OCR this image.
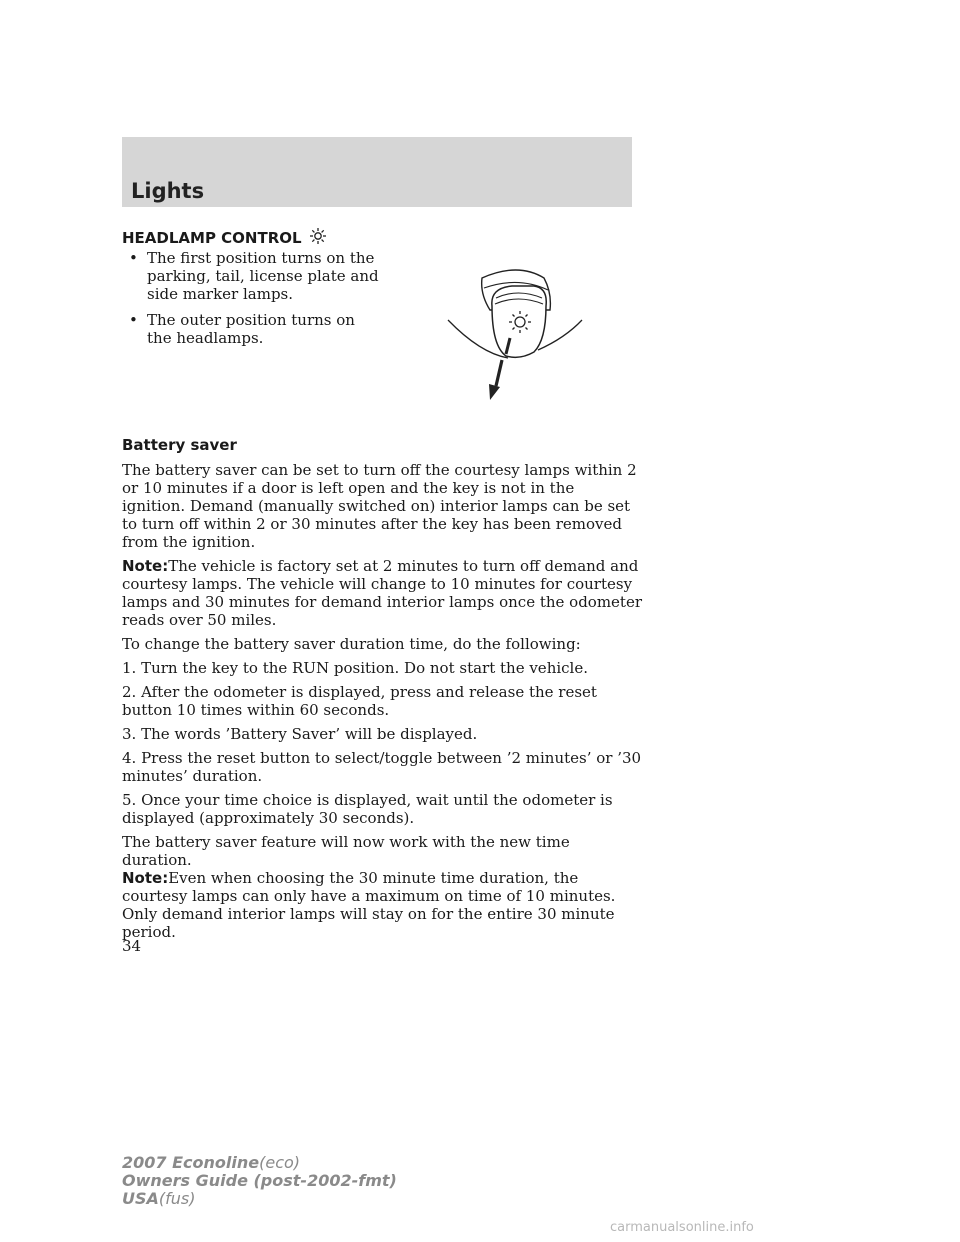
Lights
HEADLAMP CONTROL
• The first position turns on the parking, tail, license plate and side marker lamps.
• The outer position turns on the headlamps.

Battery saver

The battery saver can be set to turn off the courtesy lamps within 2 or 10 minutes if a door is left open and the key is not in the ignition. Demand (manually switched on) interior lamps can be set to turn off within 2 or 30 minutes after the key has been removed from the ignition.

Note:The vehicle is factory set at 2 minutes to turn off demand and courtesy lamps. The vehicle will change to 10 minutes for courtesy lamps and 30 minutes for demand interior lamps once the odometer reads over 50 miles.

To change the battery saver duration time, do the following:

1. Turn the key to the RUN position. Do not start the vehicle.

2. After the odometer is displayed, press and release the reset button 10 times within 60 seconds.

3. The words ’Battery Saver’ will be displayed.

4. Press the reset button to select/toggle between ’2 minutes’ or ’30 minutes’ duration.

5. Once your time choice is displayed, wait until the odometer is displayed (approximately 30 seconds).

The battery saver feature will now work with the new time duration.

Note:Even when choosing the 30 minute time duration, the courtesy lamps can only have a maximum on time of 10 minutes. Only demand interior lamps will stay on for the entire 30 minute period.

34
2007 Econoline(eco)
Owners Guide (post-2002-fmt)
USA(fus)
carmanualsonline.info
